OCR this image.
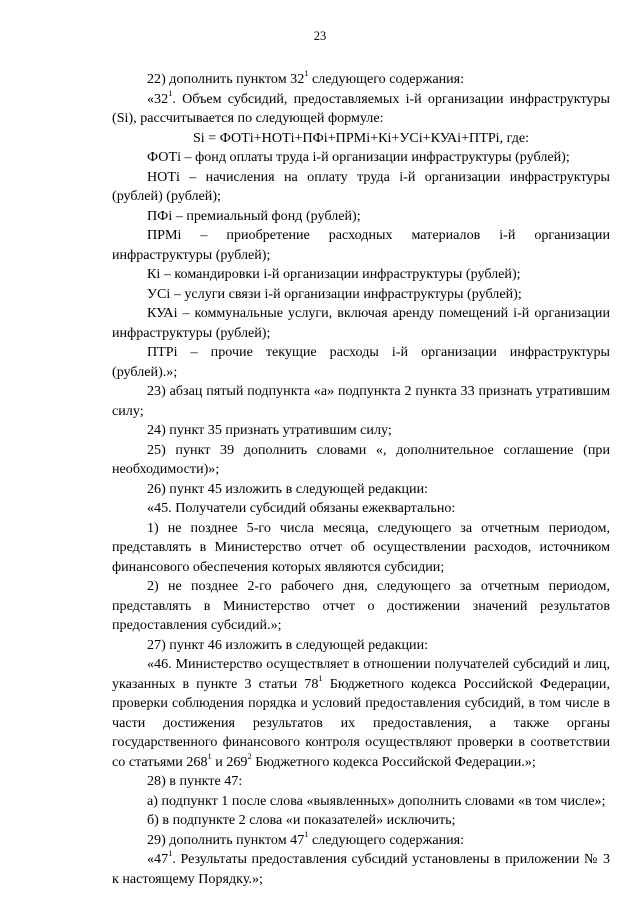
23

22) дополнить пунктом $32^1$ следующего содержания:

«$32^1$. Объем субсидий, предоставляемых i-й организации инфраструктуры (Si), рассчитывается по следующей формуле:

Si = ФОТi+НОТi+ПФi+ПРМi+Кi+УСi+КУАi+ПТРi, где:

ФОТi – фонд оплаты труда i-й организации инфраструктуры (рублей);

НОТi – начисления на оплату труда i-й организации инфраструктуры (рублей) (рублей);

ПФi – премиальный фонд (рублей);

ПРМi – приобретение расходных материалов i-й организации инфраструктуры (рублей);

Кi – командировки i-й организации инфраструктуры (рублей);

УСi – услуги связи i-й организации инфраструктуры (рублей);

КУАi – коммунальные услуги, включая аренду помещений i-й организации инфраструктуры (рублей);

ПТРi – прочие текущие расходы i-й организации инфраструктуры (рублей).»;

23) абзац пятый подпункта «а» подпункта 2 пункта 33 признать утратившим силу;

24) пункт 35 признать утратившим силу;

25) пункт 39 дополнить словами «, дополнительное соглашение (при необходимости)»;

26) пункт 45 изложить в следующей редакции:

«45. Получатели субсидий обязаны ежеквартально:

1) не позднее 5-го числа месяца, следующего за отчетным периодом, представлять в Министерство отчет об осуществлении расходов, источником финансового обеспечения которых являются субсидии;

2) не позднее 2-го рабочего дня, следующего за отчетным периодом, представлять в Министерство отчет о достижении значений результатов предоставления субсидий.»;

27) пункт 46 изложить в следующей редакции:

«46. Министерство осуществляет в отношении получателей субсидий и лиц, указанных в пункте 3 статьи $78^1$ Бюджетного кодекса Российской Федерации, проверки соблюдения порядка и условий предоставления субсидий, в том числе в части достижения результатов их предоставления, а также органы государственного финансового контроля осуществляют проверки в соответствии со статьями $268^1$ и $269^2$ Бюджетного кодекса Российской Федерации.»;

28) в пункте 47:

а) подпункт 1 после слова «выявленных» дополнить словами «в том числе»;

б) в подпункте 2 слова «и показателей» исключить;

29) дополнить пунктом $47^1$ следующего содержания:

«$47^1$. Результаты предоставления субсидий установлены в приложении № 3 к настоящему Порядку.»;
